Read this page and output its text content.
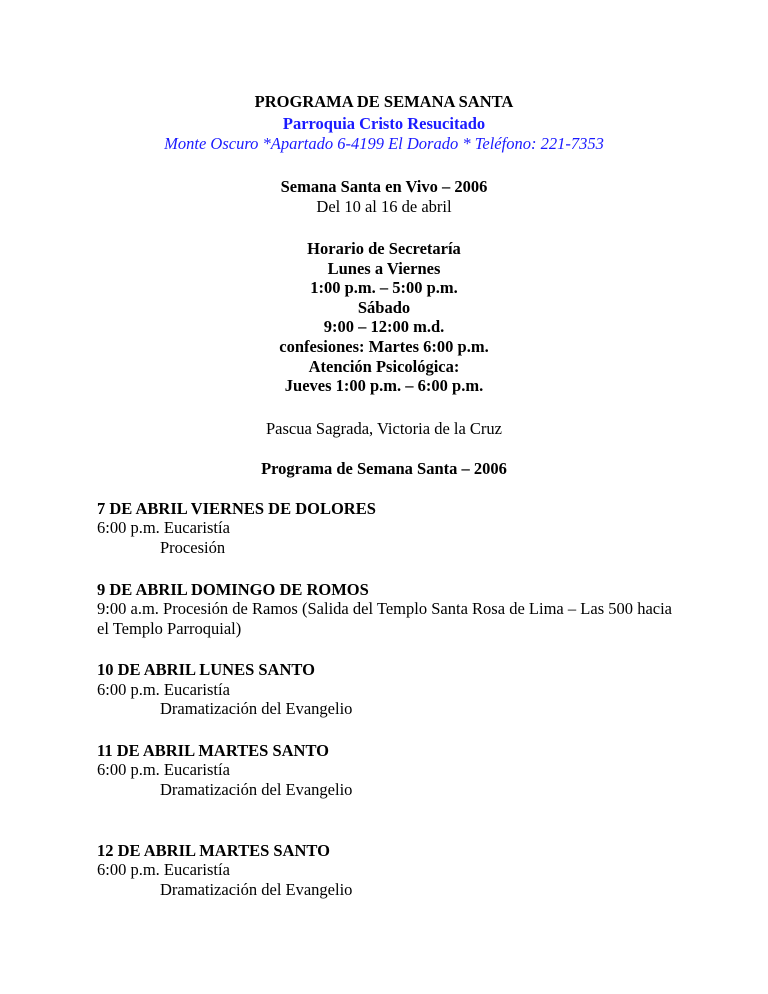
PROGRAMA DE SEMANA SANTA
Parroquia Cristo Resucitado
Monte Oscuro *Apartado 6-4199 El Dorado * Teléfono: 221-7353
Semana Santa en Vivo – 2006
Del 10 al 16 de abril
Horario de Secretaría
Lunes a Viernes
1:00 p.m. – 5:00 p.m.
Sábado
9:00 – 12:00 m.d.
confesiones: Martes 6:00 p.m.
Atención Psicológica:
Jueves 1:00 p.m. – 6:00 p.m.
Pascua Sagrada, Victoria de la Cruz
Programa de Semana Santa – 2006
7 DE ABRIL VIERNES DE DOLORES
6:00 p.m. Eucaristía
Procesión
9 DE ABRIL DOMINGO DE ROMOS
9:00 a.m. Procesión de Ramos (Salida del Templo Santa Rosa de Lima – Las 500 hacia
el Templo Parroquial)
10 DE ABRIL LUNES SANTO
6:00 p.m. Eucaristía
Dramatización del Evangelio
11 DE ABRIL MARTES SANTO
6:00 p.m. Eucaristía
Dramatización del Evangelio
12 DE ABRIL MARTES SANTO
6:00 p.m. Eucaristía
Dramatización del Evangelio
